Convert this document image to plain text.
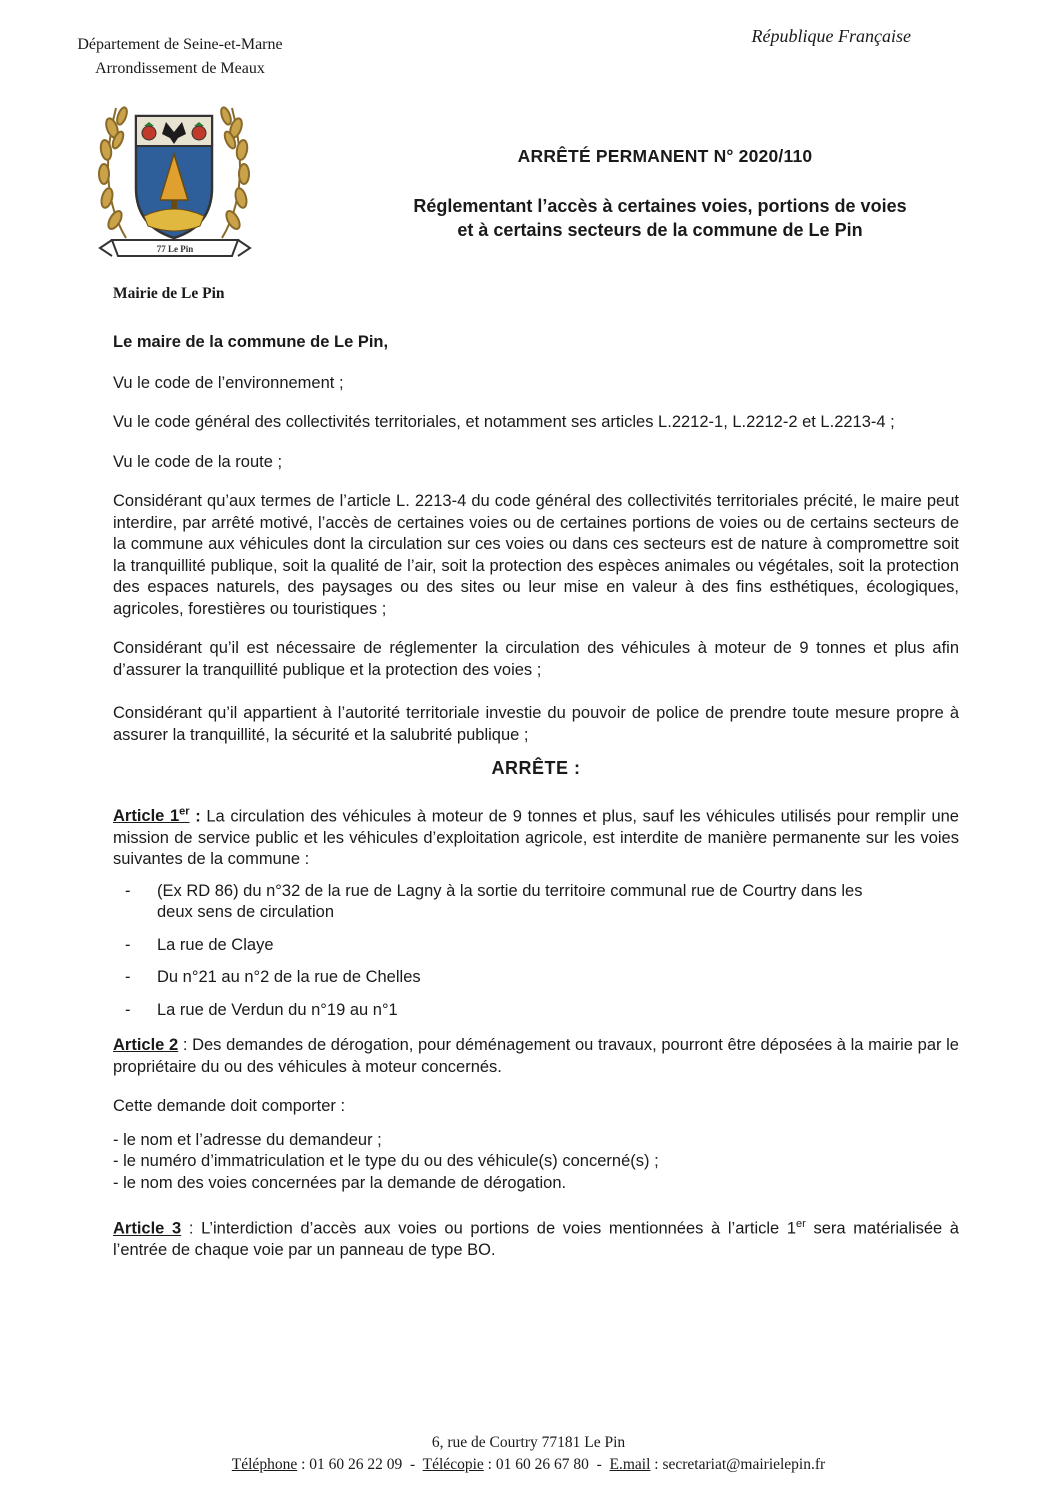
Département de Seine-et-Marne
Arrondissement de Meaux
République Française
77 Le Pin
Mairie de Le Pin
ARRÊTÉ PERMANENT N° 2020/110
Réglementant l’accès à certaines voies, portions de voies
et à certains secteurs de la commune de Le Pin

Le maire de la commune de Le Pin,

Vu le code de l’environnement ;

Vu le code général des collectivités territoriales, et notamment ses articles L.2212-1, L.2212-2 et L.2213-4 ;

Vu le code de la route ;

Considérant qu’aux termes de l’article L. 2213-4 du code général des collectivités territoriales précité, le maire peut interdire, par arrêté motivé, l’accès de certaines voies ou de certaines portions de voies ou de certains secteurs de la commune aux véhicules dont la circulation sur ces voies ou dans ces secteurs est de nature à compromettre soit la tranquillité publique, soit la qualité de l’air, soit la protection des espèces animales ou végétales, soit la protection des espaces naturels, des paysages ou des sites ou leur mise en valeur à des fins esthétiques, écologiques, agricoles, forestières ou touristiques ;

Considérant qu’il est nécessaire de réglementer la circulation des véhicules à moteur de 9 tonnes et plus afin d’assurer la tranquillité publique et la protection des voies ;

Considérant qu’il appartient à l’autorité territoriale investie du pouvoir de police de prendre toute mesure propre à assurer la tranquillité, la sécurité et la salubrité publique ;

ARRÊTE :

Article 1er : La circulation des véhicules à moteur de 9 tonnes et plus, sauf les véhicules utilisés pour remplir une mission de service public et les véhicules d’exploitation agricole, est interdite de manière permanente sur les voies suivantes de la commune :

- (Ex RD 86) du n°32 de la rue de Lagny à la sortie du territoire communal rue de Courtry dans les deux sens de circulation
- La rue de Claye
- Du n°21 au n°2 de la rue de Chelles
- La rue de Verdun du n°19 au n°1

Article 2 : Des demandes de dérogation, pour déménagement ou travaux, pourront être déposées à la mairie par le propriétaire du ou des véhicules à moteur concernés.

Cette demande doit comporter :

- le nom et l’adresse du demandeur ;

- le numéro d’immatriculation et le type du ou des véhicule(s) concerné(s) ;

- le nom des voies concernées par la demande de dérogation.

Article 3 : L’interdiction d’accès aux voies ou portions de voies mentionnées à l’article 1er sera matérialisée à l’entrée de chaque voie par un panneau de type BO.

6, rue de Courtry 77181 Le Pin
Téléphone : 01 60 26 22 09  -  Télécopie : 01 60 26 67 80  -  E.mail : secretariat@mairielepin.fr
